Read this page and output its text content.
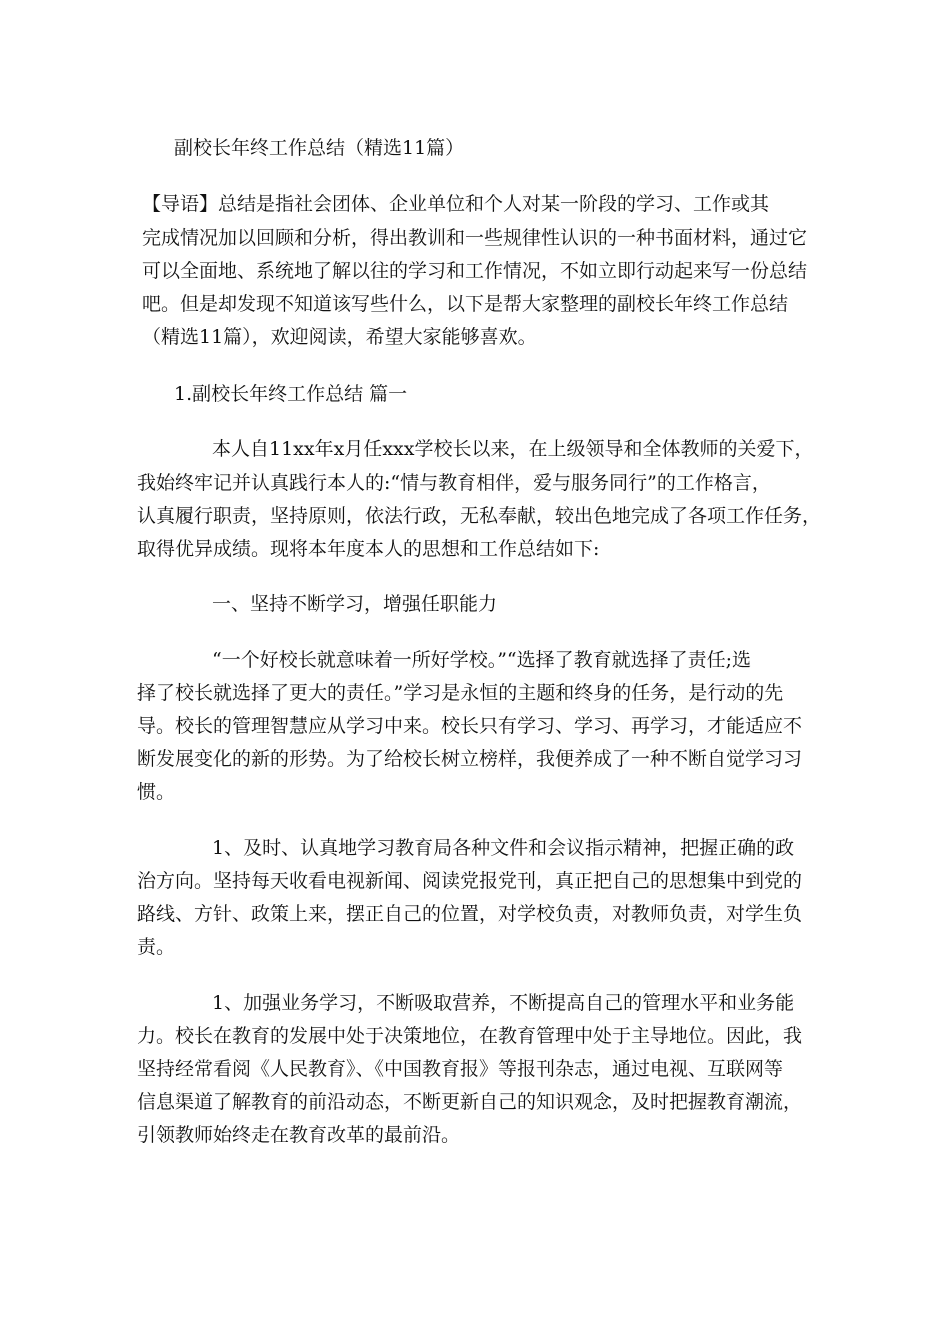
副校长年终工作总结（精选11篇）
【导语】总结是指社会团体、企业单位和个人对某一阶段的学习、工作或其
完成情况加以回顾和分析，得出教训和一些规律性认识的一种书面材料，通过它
可以全面地、系统地了解以往的学习和工作情况，不如立即行动起来写一份总结
吧。但是却发现不知道该写些什么，以下是帮大家整理的副校长年终工作总结
（精选11篇），欢迎阅读，希望大家能够喜欢。
1.副校长年终工作总结 篇一
本人自11xx年x月任xxx学校长以来，在上级领导和全体教师的关爱下，
我始终牢记并认真践行本人的:“情与教育相伴，爱与服务同行”的工作格言，
认真履行职责，坚持原则，依法行政，无私奉献，较出色地完成了各项工作任务，
取得优异成绩。现将本年度本人的思想和工作总结如下:
一、坚持不断学习，增强任职能力
“一个好校长就意味着一所好学校。”“选择了教育就选择了责任;选
择了校长就选择了更大的责任。”学习是永恒的主题和终身的任务，是行动的先
导。校长的管理智慧应从学习中来。校长只有学习、学习、再学习，才能适应不
断发展变化的新的形势。为了给校长树立榜样，我便养成了一种不断自觉学习习
惯。
1、及时、认真地学习教育局各种文件和会议指示精神，把握正确的政
治方向。坚持每天收看电视新闻、阅读党报党刊，真正把自己的思想集中到党的
路线、方针、政策上来，摆正自己的位置，对学校负责，对教师负责，对学生负
责。
1、加强业务学习，不断吸取营养，不断提高自己的管理水平和业务能
力。校长在教育的发展中处于决策地位，在教育管理中处于主导地位。因此，我
坚持经常看阅《人民教育》、《中国教育报》等报刊杂志，通过电视、互联网等
信息渠道了解教育的前沿动态，不断更新自己的知识观念，及时把握教育潮流，
引领教师始终走在教育改革的最前沿。
